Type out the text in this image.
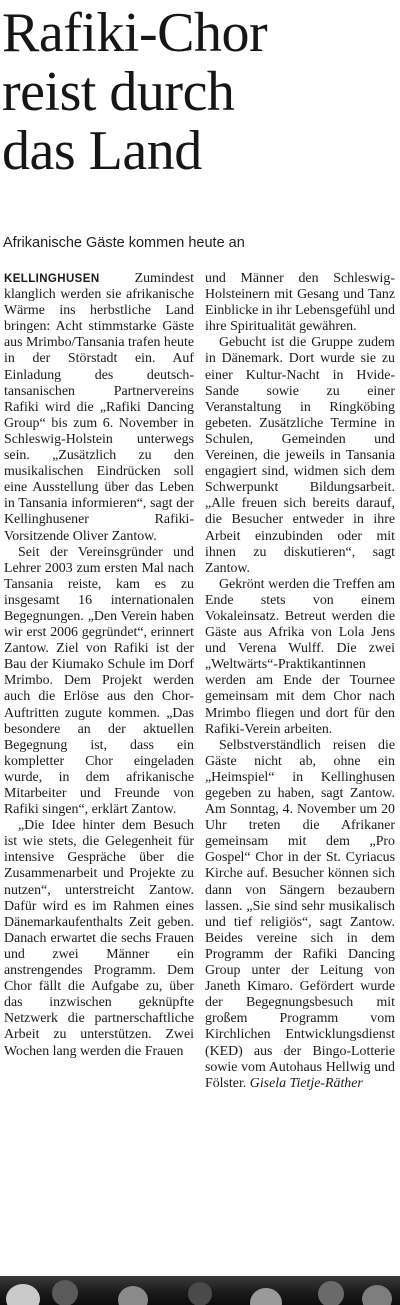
Rafiki-Chor
reist durch
das Land

Afrikanische Gäste kommen heute an

KELLINGHUSEN	Zumindest klanglich werden sie afrikanische Wärme ins herbstliche Land bringen: Acht stimmstarke Gäste aus Mrimbo/Tansania trafen heute in der Störstadt ein. Auf Einladung des deutsch-tansanischen Partnervereins Rafiki wird die „Rafiki Dancing Group“ bis zum 6. November in Schleswig-Holstein unterwegs sein. „Zusätzlich zu den musikalischen Eindrücken soll eine Ausstellung über das Leben in Tansania informieren“, sagt der Kellinghusener Rafiki-Vorsitzende Oliver Zantow.

Seit der Vereinsgründer und Lehrer 2003 zum ersten Mal nach Tansania reiste, kam es zu insgesamt 16 internationalen Begegnungen. „Den Verein haben wir erst 2006 gegründet“, erinnert Zantow. Ziel von Rafiki ist der Bau der Kiumako Schule im Dorf Mrimbo. Dem Projekt werden auch die Erlöse aus den Chor-Auftritten zugute kommen. „Das besondere an der aktuellen Begegnung ist, dass ein kompletter Chor eingeladen wurde, in dem afrikanische Mitarbeiter und Freunde von Rafiki singen“, erklärt Zantow.

„Die Idee hinter dem Besuch ist wie stets, die Gelegenheit für intensive Gespräche über die Zusammenarbeit und Projekte zu nutzen“, unterstreicht Zantow. Dafür wird es im Rahmen eines Dänemarkaufenthalts Zeit geben. Danach erwartet die sechs Frauen und zwei Männer ein anstrengendes Programm. Dem Chor fällt die Aufgabe zu, über das inzwischen geknüpfte Netzwerk die partnerschaftliche Arbeit zu unterstützen. Zwei Wochen lang werden die Frauen

und Männer den Schleswig-Holsteinern mit Gesang und Tanz Einblicke in ihr Lebensgefühl und ihre Spiritualität gewähren.

Gebucht ist die Gruppe zudem in Dänemark. Dort wurde sie zu einer Kultur-Nacht in Hvide-Sande sowie zu einer Veranstaltung in Ringköbing gebeten. Zusätzliche Termine in Schulen, Gemeinden und Vereinen, die jeweils in Tansania engagiert sind, widmen sich dem Schwerpunkt Bildungsarbeit. „Alle freuen sich bereits darauf, die Besucher entweder in ihre Arbeit einzubinden oder mit ihnen zu diskutieren“, sagt Zantow.

Gekrönt werden die Treffen am Ende stets von einem Vokaleinsatz. Betreut werden die Gäste aus Afrika von Lola Jens und Verena Wulff. Die zwei „Weltwärts“-Praktikantinnen werden am Ende der Tournee gemeinsam mit dem Chor nach Mrimbo fliegen und dort für den Rafiki-Verein arbeiten.

Selbstverständlich reisen die Gäste nicht ab, ohne ein „Heimspiel“ in Kellinghusen gegeben zu haben, sagt Zantow. Am Sonntag, 4. November um 20 Uhr treten die Afrikaner gemeinsam mit dem „Pro Gospel“ Chor in der St. Cyriacus Kirche auf. Besucher können sich dann von Sängern bezaubern lassen. „Sie sind sehr musikalisch und tief religiös“, sagt Zantow. Beides vereine sich in dem Programm der Rafiki Dancing Group unter der Leitung von Janeth Kimaro. Gefördert wurde der Begegnungsbesuch mit großem Programm vom Kirchlichen Entwicklungsdienst (KED) aus der Bingo-Lotterie sowie vom Autohaus Hellwig und Fölster. Gisela Tietje-Räther
